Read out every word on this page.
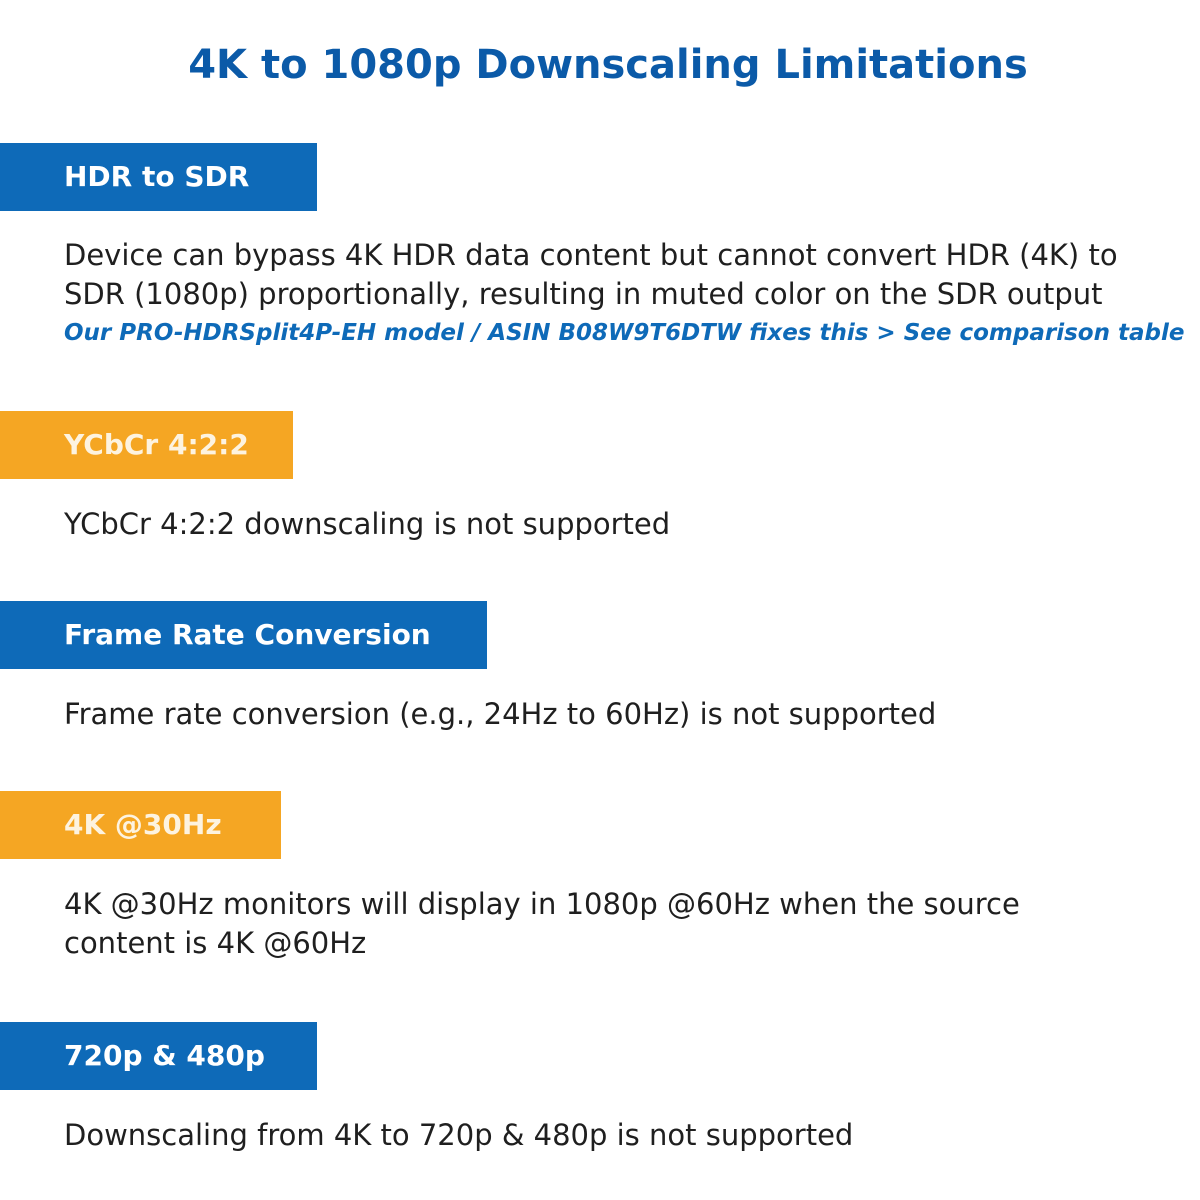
4K to 1080p Downscaling Limitations
HDR to SDR

Device can bypass 4K HDR data content but cannot convert HDR (4K) to

SDR (1080p) proportionally, resulting in muted color on the SDR output

Our PRO-HDRSplit4P-EH model / ASIN B08W9T6DTW fixes this > See comparison table

YCbCr 4:2:2

YCbCr 4:2:2 downscaling is not supported

Frame Rate Conversion

Frame rate conversion (e.g., 24Hz to 60Hz) is not supported

4K @30Hz

4K @30Hz monitors will display in 1080p @60Hz when the source

content is 4K @60Hz

720p & 480p

Downscaling from 4K to 720p & 480p is not supported
